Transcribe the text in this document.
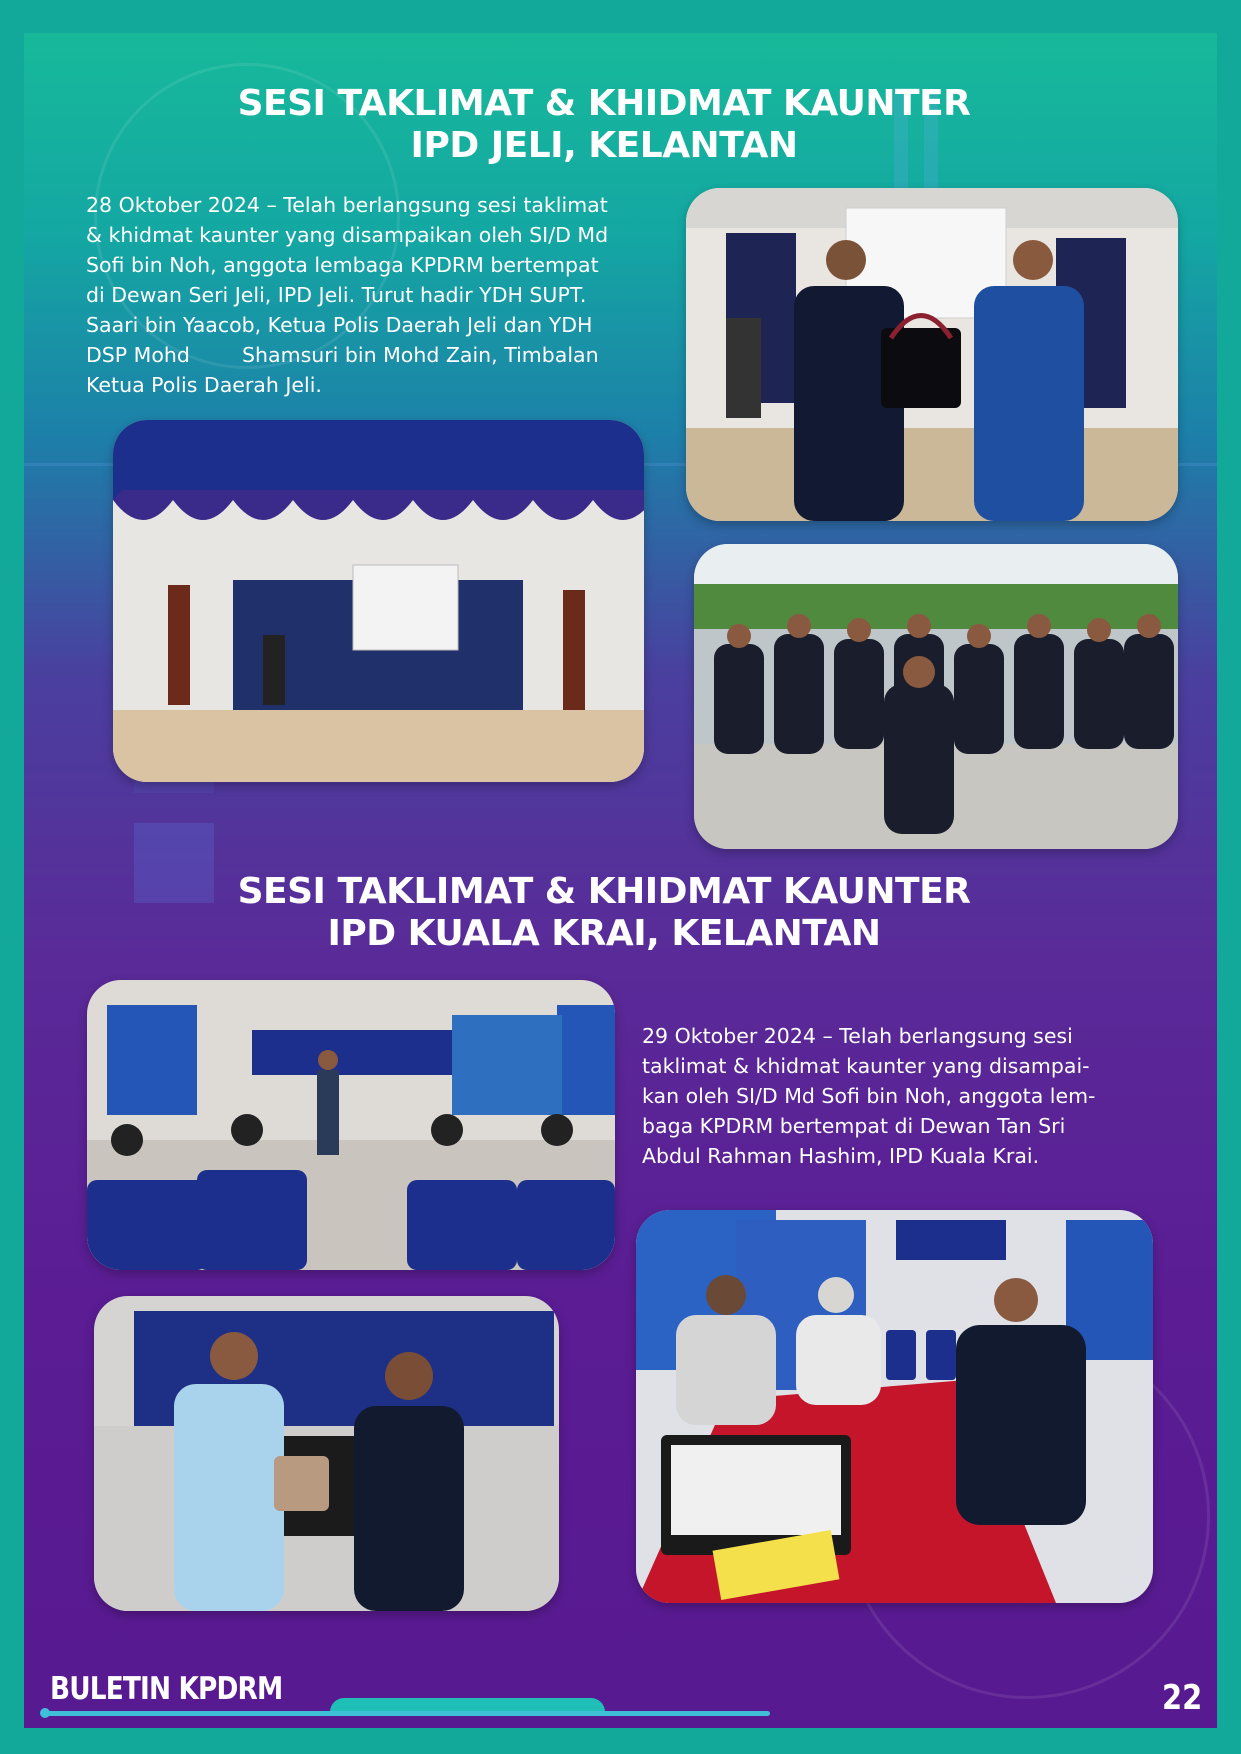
SESI TAKLIMAT & KHIDMAT KAUNTER
IPD JELI, KELANTAN
28 Oktober 2024 – Telah berlangsung sesi taklimat
& khidmat kaunter yang disampaikan oleh SI/D Md
Sofi bin Noh, anggota lembaga KPDRM bertempat
di Dewan Seri Jeli, IPD Jeli. Turut hadir YDH SUPT.
Saari bin Yaacob, Ketua Polis Daerah Jeli dan YDH
DSP Mohd        Shamsuri bin Mohd Zain, Timbalan
Ketua Polis Daerah Jeli.
SESI TAKLIMAT & KHIDMAT KAUNTER
IPD KUALA KRAI, KELANTAN
29 Oktober 2024 – Telah berlangsung sesi
taklimat & khidmat kaunter yang disampai-
kan oleh SI/D Md Sofi bin Noh, anggota lem-
baga KPDRM bertempat di Dewan Tan Sri
Abdul Rahman Hashim, IPD Kuala Krai.
BULETIN KPDRM	22
